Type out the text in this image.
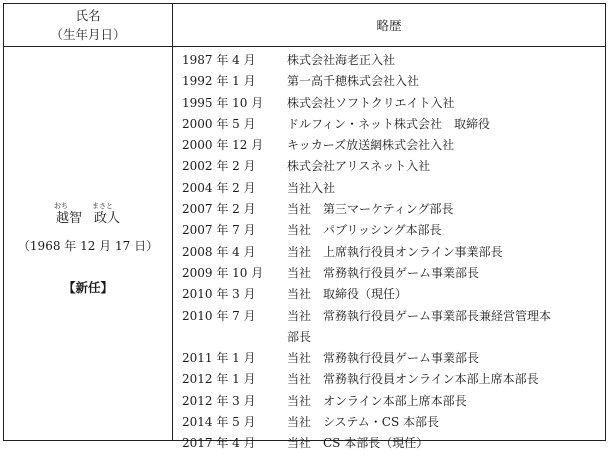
氏名
（生年月日）
略歴
おち	まさと
越智 政人
（1968 年 12 月 17 日）
【新任】
1987 年 4 月	株式会社海老正入社
1992 年 1 月	第一高千穂株式会社入社
1995 年 10 月	株式会社ソフトクリエイト入社
2000 年 5 月	ドルフィン・ネット株式会社　取締役
2000 年 12 月	キッカーズ放送網株式会社入社
2002 年 2 月	株式会社アリスネット入社
2004 年 2 月	当社入社
2007 年 2 月	当社　第三マーケティング部長
2007 年 7 月	当社　パブリッシング本部長
2008 年 4 月	当社　上席執行役員オンライン事業部長
2009 年 10 月	当社　常務執行役員ゲーム事業部長
2010 年 3 月	当社　取締役（現任）
2010 年 7 月	当社　常務執行役員ゲーム事業部長兼経営管理本
部長
2011 年 1 月	当社　常務執行役員ゲーム事業部長
2012 年 1 月	当社　常務執行役員オンライン本部上席本部長
2012 年 3 月	当社　オンライン本部上席本部長
2014 年 5 月	当社　システム・CS 本部長
2017 年 4 月	当社　CS 本部長（現任）
